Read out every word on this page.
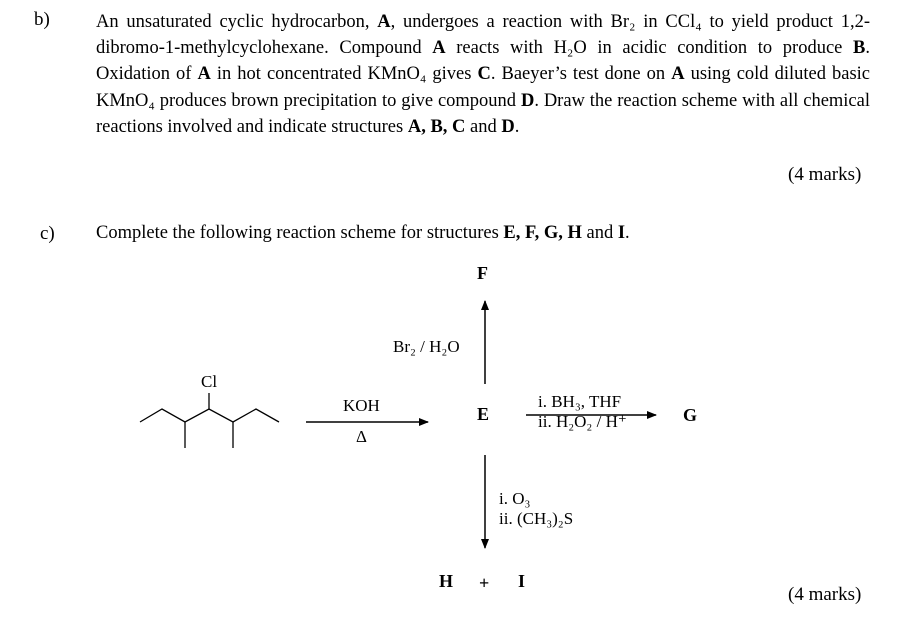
b) An unsaturated cyclic hydrocarbon, A, undergoes a reaction with Br₂ in CCl₄ to yield product 1,2-dibromo-1-methylcyclohexane. Compound A reacts with H₂O in acidic condition to produce B. Oxidation of A in hot concentrated KMnO₄ gives C. Baeyer’s test done on A using cold diluted basic KMnO₄ produces brown precipitation to give compound D. Draw the reaction scheme with all chemical reactions involved and indicate structures A, B, C and D.
(4 marks)
c) Complete the following reaction scheme for structures E, F, G, H and I.
Cl
KOH
Δ
E
F
G
H + I
Br₂ / H₂O
i. BH₃, THF
ii. H₂O₂ / H⁺
i. O₃
ii. (CH₃)₂S
(4 marks)
